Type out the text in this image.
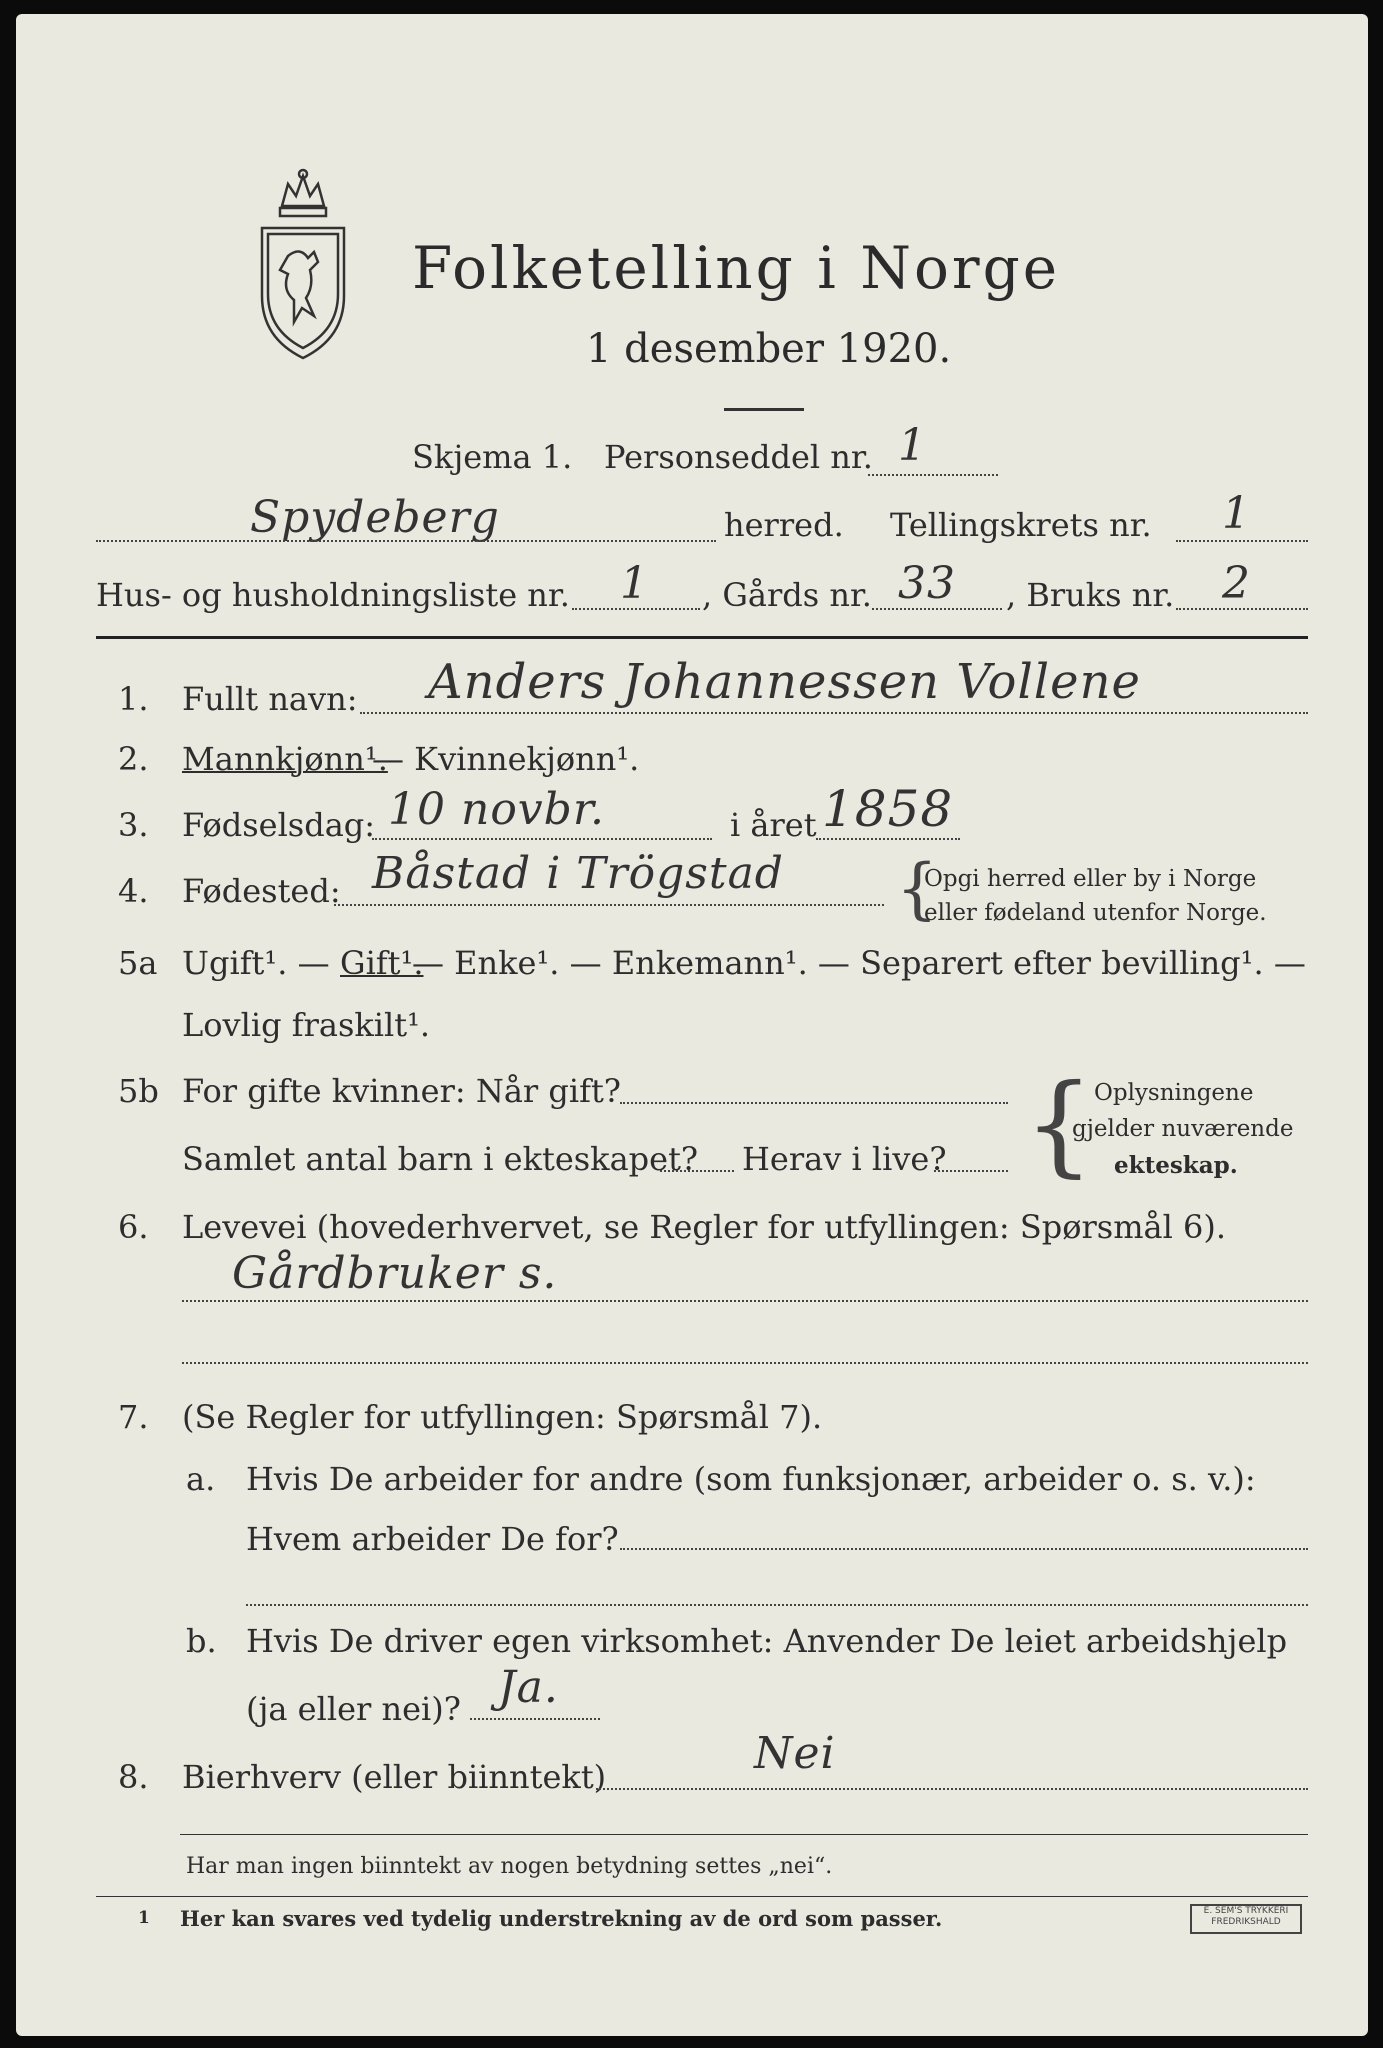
Folketelling i Norge
1 desember 1920.
Skjema 1. Personseddel nr. 1
Spydeberg	herred. Tellingskrets nr. 1
Hus- og husholdningsliste nr. 1 , Gårds nr. 33 , Bruks nr. 2
1. Fullt navn: Anders Johannessen Vollene
2. Mannkjønn¹.
— Kvinnekjønn¹.
3. Fødselsdag: 10 novbr.	i året 1858
4. Fødested: Båstad i Trögstad {
Opgi herred eller by i Norge
eller fødeland utenfor Norge.
5a Ugift¹. — Gift¹.
— Enke¹. — Enkemann¹. — Separert efter bevilling¹. —
Lovlig fraskilt¹.
5b For gifte kvinner: Når gift?
Samlet antal barn i ekteskapet? Herav i live? { Oplysningene
gjelder nuværende
ekteskap.
6. Levevei (hovederhvervet, se Regler for utfyllingen: Spørsmål 6).
Gårdbruker s.
7. (Se Regler for utfyllingen: Spørsmål 7).
a. Hvis De arbeider for andre (som funksjonær, arbeider o. s. v.):
Hvem arbeider De for?
b. Hvis De driver egen virksomhet: Anvender De leiet arbeidshjelp
(ja eller nei)? Ja.
8. Bierhverv (eller biinntekt)	Nei
Har man ingen biinntekt av nogen betydning settes „nei“.
1 Her kan svares ved tydelig understrekning av de ord som passer.	E. SEM'S TRYKKERI
FREDRIKSHALD
